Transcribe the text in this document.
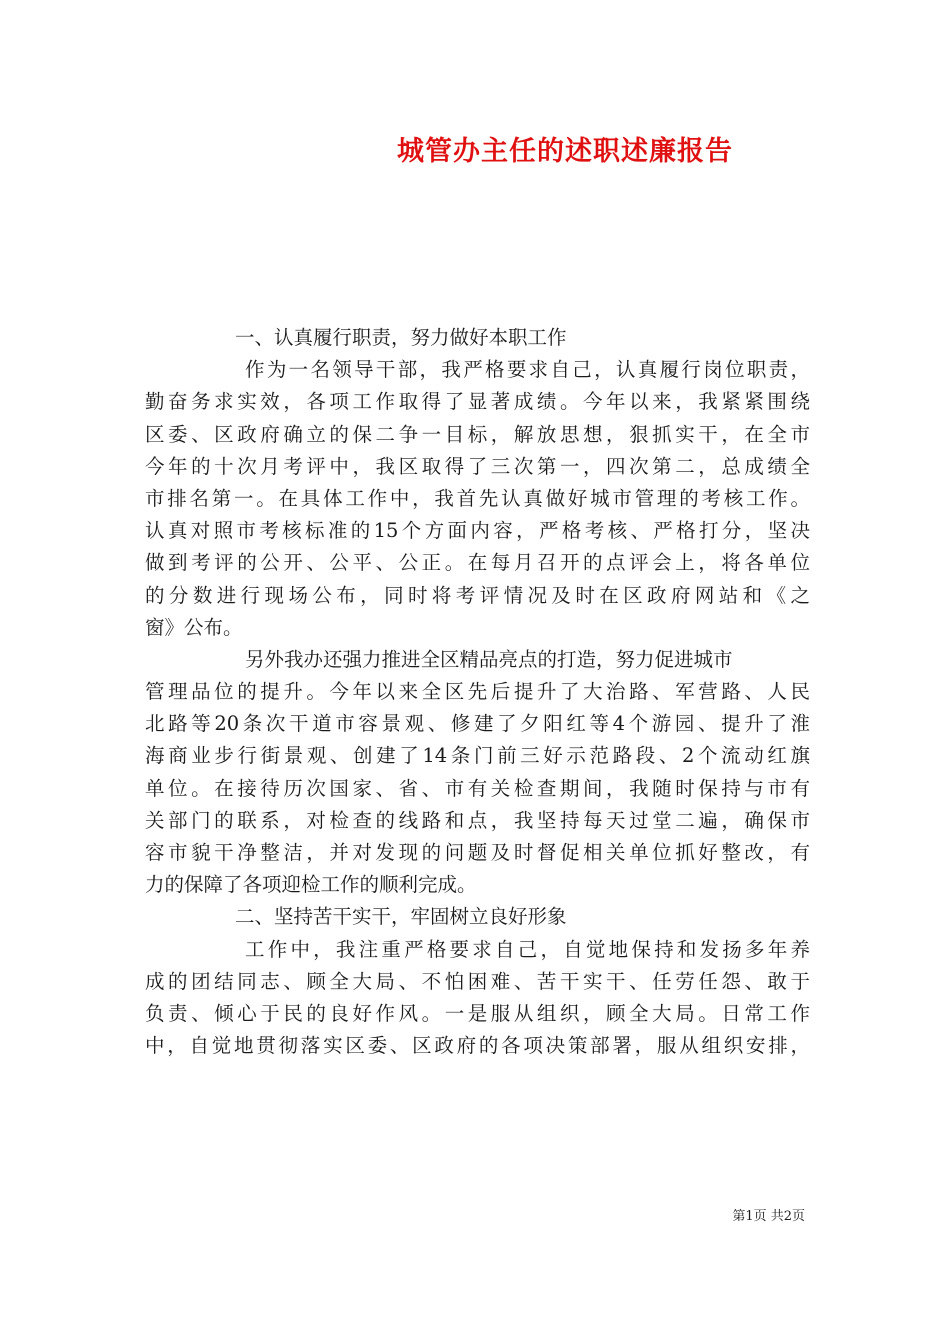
城管办主任的述职述廉报告
一、认真履行职责，努力做好本职工作
作为一名领导干部，我严格要求自己，认真履行岗位职责，
勤奋务求实效，各项工作取得了显著成绩。今年以来，我紧紧围绕
区委、区政府确立的保二争一目标，解放思想，狠抓实干，在全市
今年的十次月考评中，我区取得了三次第一，四次第二，总成绩全
市排名第一。在具体工作中，我首先认真做好城市管理的考核工作。
认真对照市考核标准的15个方面内容，严格考核、严格打分，坚决
做到考评的公开、公平、公正。在每月召开的点评会上，将各单位
的分数进行现场公布，同时将考评情况及时在区政府网站和《之
窗》公布。
另外我办还强力推进全区精品亮点的打造，努力促进城市
管理品位的提升。今年以来全区先后提升了大治路、军营路、人民
北路等20条次干道市容景观、修建了夕阳红等4个游园、提升了淮
海商业步行街景观、创建了14条门前三好示范路段、2个流动红旗
单位。在接待历次国家、省、市有关检查期间，我随时保持与市有
关部门的联系，对检查的线路和点，我坚持每天过堂二遍，确保市
容市貌干净整洁，并对发现的问题及时督促相关单位抓好整改，有
力的保障了各项迎检工作的顺利完成。
二、坚持苦干实干，牢固树立良好形象
工作中，我注重严格要求自己，自觉地保持和发扬多年养
成的团结同志、顾全大局、不怕困难、苦干实干、任劳任怨、敢于
负责、倾心于民的良好作风。一是服从组织，顾全大局。日常工作
中，自觉地贯彻落实区委、区政府的各项决策部署，服从组织安排，
第1页 共2页
